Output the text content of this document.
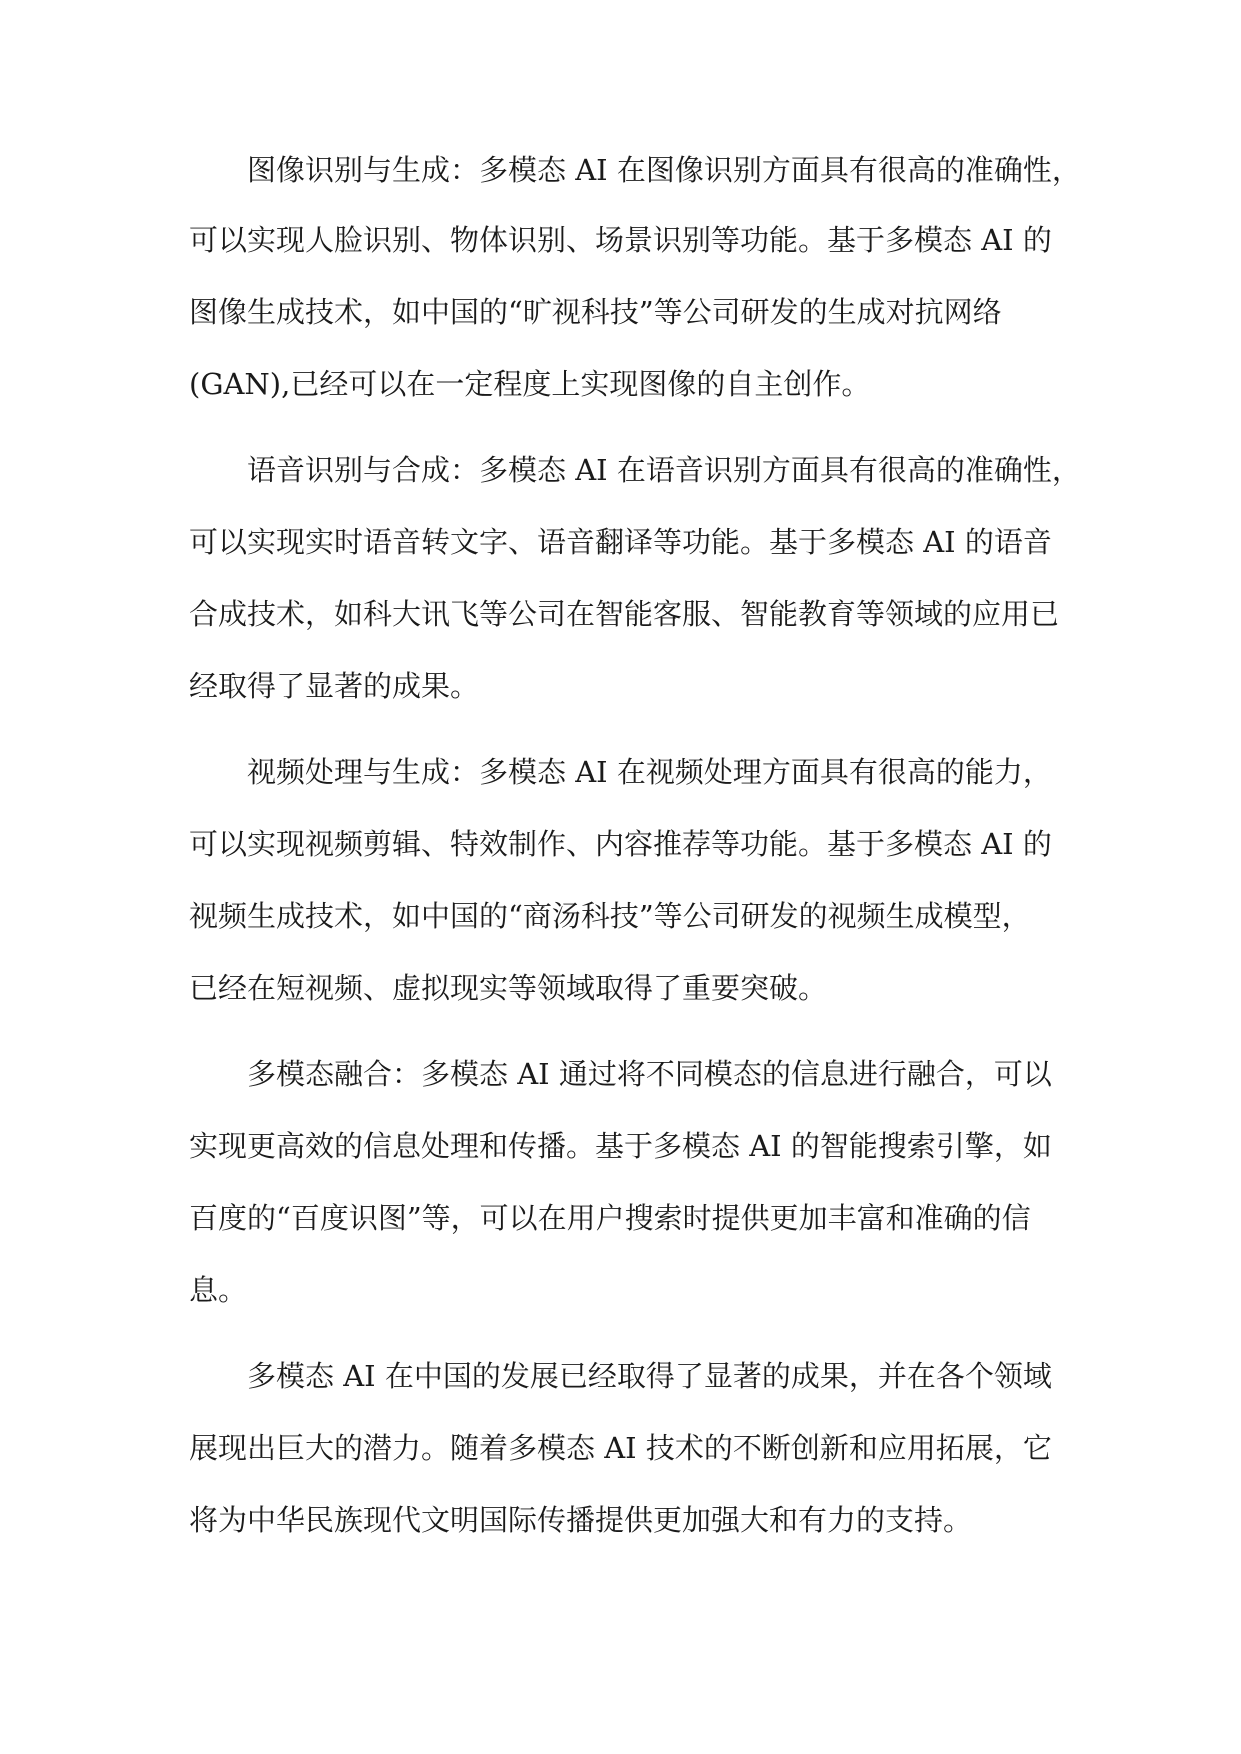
图像识别与生成：多模态 AI 在图像识别方面具有很高的准确性，
可以实现人脸识别、物体识别、场景识别等功能。基于多模态 AI 的
图像生成技术，如中国的“旷视科技”等公司研发的生成对抗网络
(GAN),已经可以在一定程度上实现图像的自主创作。
语音识别与合成：多模态 AI 在语音识别方面具有很高的准确性，
可以实现实时语音转文字、语音翻译等功能。基于多模态 AI 的语音
合成技术，如科大讯飞等公司在智能客服、智能教育等领域的应用已
经取得了显著的成果。
视频处理与生成：多模态 AI 在视频处理方面具有很高的能力，
可以实现视频剪辑、特效制作、内容推荐等功能。基于多模态 AI 的
视频生成技术，如中国的“商汤科技”等公司研发的视频生成模型，
已经在短视频、虚拟现实等领域取得了重要突破。
多模态融合：多模态 AI 通过将不同模态的信息进行融合，可以
实现更高效的信息处理和传播。基于多模态 AI 的智能搜索引擎，如
百度的“百度识图”等，可以在用户搜索时提供更加丰富和准确的信
息。
多模态 AI 在中国的发展已经取得了显著的成果，并在各个领域
展现出巨大的潜力。随着多模态 AI 技术的不断创新和应用拓展，它
将为中华民族现代文明国际传播提供更加强大和有力的支持。
